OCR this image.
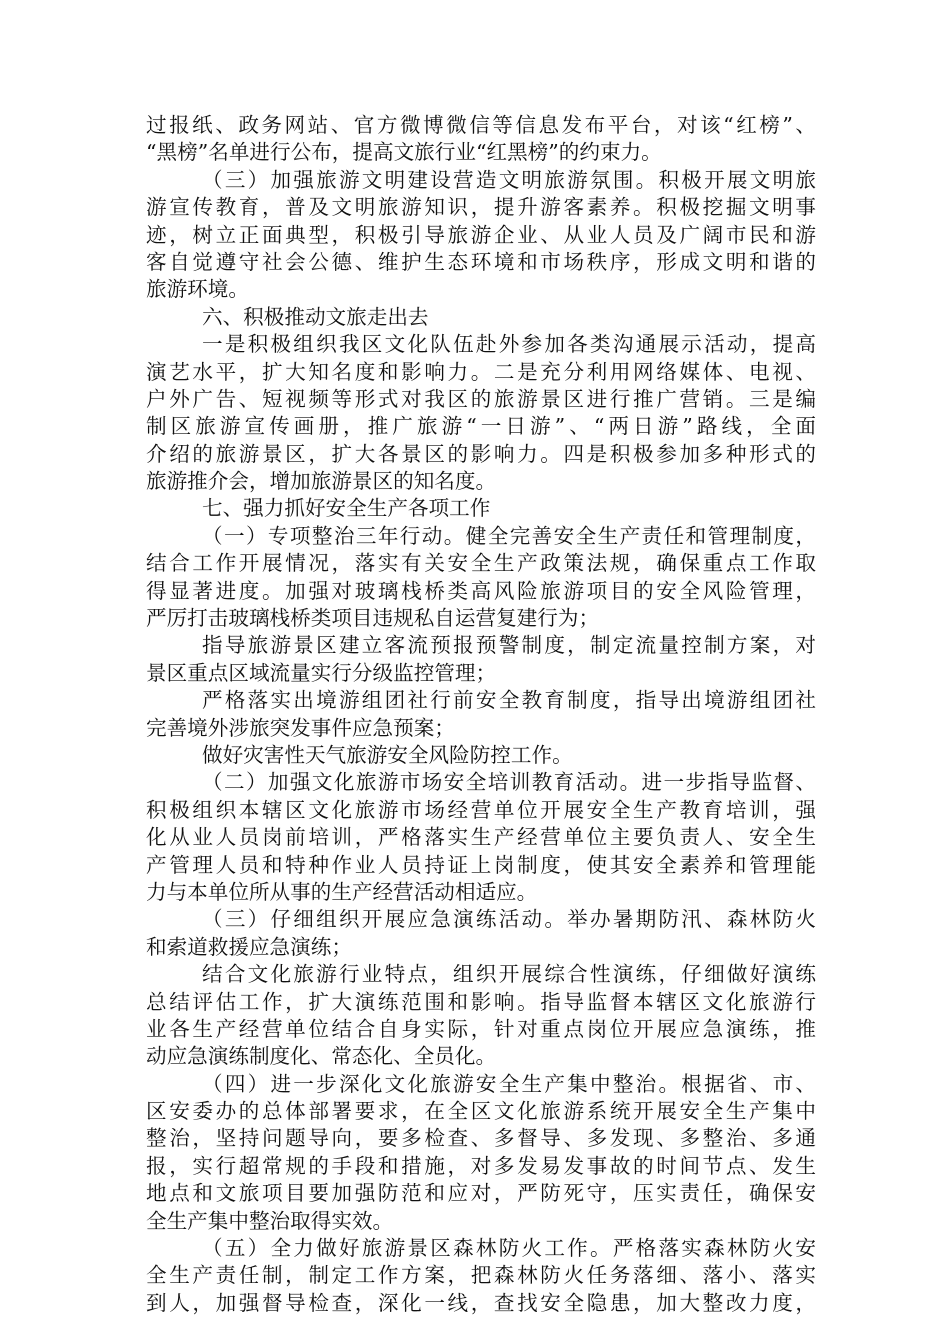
过报纸、政务网站、官方微博微信等信息发布平台，对该“红榜”、
“黑榜”名单进行公布，提高文旅行业“红黑榜”的约束力。
（三）加强旅游文明建设营造文明旅游氛围。积极开展文明旅
游宣传教育，普及文明旅游知识，提升游客素养。积极挖掘文明事
迹，树立正面典型，积极引导旅游企业、从业人员及广阔市民和游
客自觉遵守社会公德、维护生态环境和市场秩序，形成文明和谐的
旅游环境。
六、积极推动文旅走出去
一是积极组织我区文化队伍赴外参加各类沟通展示活动，提高
演艺水平，扩大知名度和影响力。二是充分利用网络媒体、电视、
户外广告、短视频等形式对我区的旅游景区进行推广营销。三是编
制区旅游宣传画册，推广旅游“一日游”、“两日游”路线，全面
介绍的旅游景区，扩大各景区的影响力。四是积极参加多种形式的
旅游推介会，增加旅游景区的知名度。
七、强力抓好安全生产各项工作
（一）专项整治三年行动。健全完善安全生产责任和管理制度，
结合工作开展情况，落实有关安全生产政策法规，确保重点工作取
得显著进度。加强对玻璃栈桥类高风险旅游项目的安全风险管理，
严厉打击玻璃栈桥类项目违规私自运营复建行为；
指导旅游景区建立客流预报预警制度，制定流量控制方案，对
景区重点区域流量实行分级监控管理；
严格落实出境游组团社行前安全教育制度，指导出境游组团社
完善境外涉旅突发事件应急预案；
做好灾害性天气旅游安全风险防控工作。
（二）加强文化旅游市场安全培训教育活动。进一步指导监督、
积极组织本辖区文化旅游市场经营单位开展安全生产教育培训，强
化从业人员岗前培训，严格落实生产经营单位主要负责人、安全生
产管理人员和特种作业人员持证上岗制度，使其安全素养和管理能
力与本单位所从事的生产经营活动相适应。
（三）仔细组织开展应急演练活动。举办暑期防汛、森林防火
和索道救援应急演练；
结合文化旅游行业特点，组织开展综合性演练，仔细做好演练
总结评估工作，扩大演练范围和影响。指导监督本辖区文化旅游行
业各生产经营单位结合自身实际，针对重点岗位开展应急演练，推
动应急演练制度化、常态化、全员化。
（四）进一步深化文化旅游安全生产集中整治。根据省、市、
区安委办的总体部署要求，在全区文化旅游系统开展安全生产集中
整治，坚持问题导向，要多检查、多督导、多发现、多整治、多通
报，实行超常规的手段和措施，对多发易发事故的时间节点、发生
地点和文旅项目要加强防范和应对，严防死守，压实责任，确保安
全生产集中整治取得实效。
（五）全力做好旅游景区森林防火工作。严格落实森林防火安
全生产责任制，制定工作方案，把森林防火任务落细、落小、落实
到人，加强督导检查，深化一线，查找安全隐患，加大整改力度，
